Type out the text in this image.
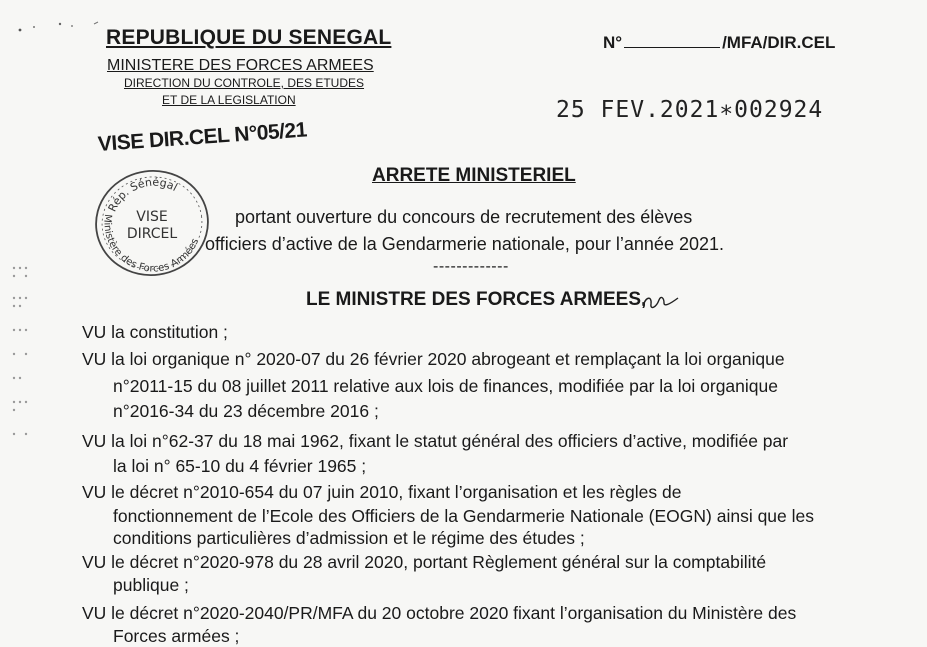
REPUBLIQUE DU SENEGAL
MINISTERE DES FORCES ARMEES
DIRECTION DU CONTROLE, DES ETUDES
ET DE LA LEGISLATION
N°	/MFA/DIR.CEL
25 FEV.2021∗002924
VISE DIR.CEL N°05/21
Rép. Sénégal
Ministère des Forces Armées
VISE
DIRCEL
ARRETE MINISTERIEL
portant ouverture du concours de recrutement des élèves
officiers d’active de la Gendarmerie nationale, pour l’année 2021.
-------------
LE MINISTRE DES FORCES ARMEES,
VU la constitution ;
VU la loi organique n° 2020-07 du 26 février 2020 abrogeant et remplaçant la loi organique
n°2011-15 du 08 juillet 2011 relative aux lois de finances, modifiée par la loi organique
n°2016-34 du 23 décembre 2016 ;
VU la loi n°62-37 du 18 mai 1962, fixant le statut général des officiers d’active, modifiée par
la loi n° 65-10 du 4 février 1965 ;
VU le décret n°2010-654 du 07 juin 2010, fixant l’organisation et les règles de
fonctionnement de l’Ecole des Officiers de la Gendarmerie Nationale (EOGN) ainsi que les
conditions particulières d’admission et le régime des études ;
VU le décret n°2020-978 du 28 avril 2020, portant Règlement général sur la comptabilité
publique ;
VU le décret n°2020-2040/PR/MFA du 20 octobre 2020 fixant l’organisation du Ministère des
Forces armées ;
